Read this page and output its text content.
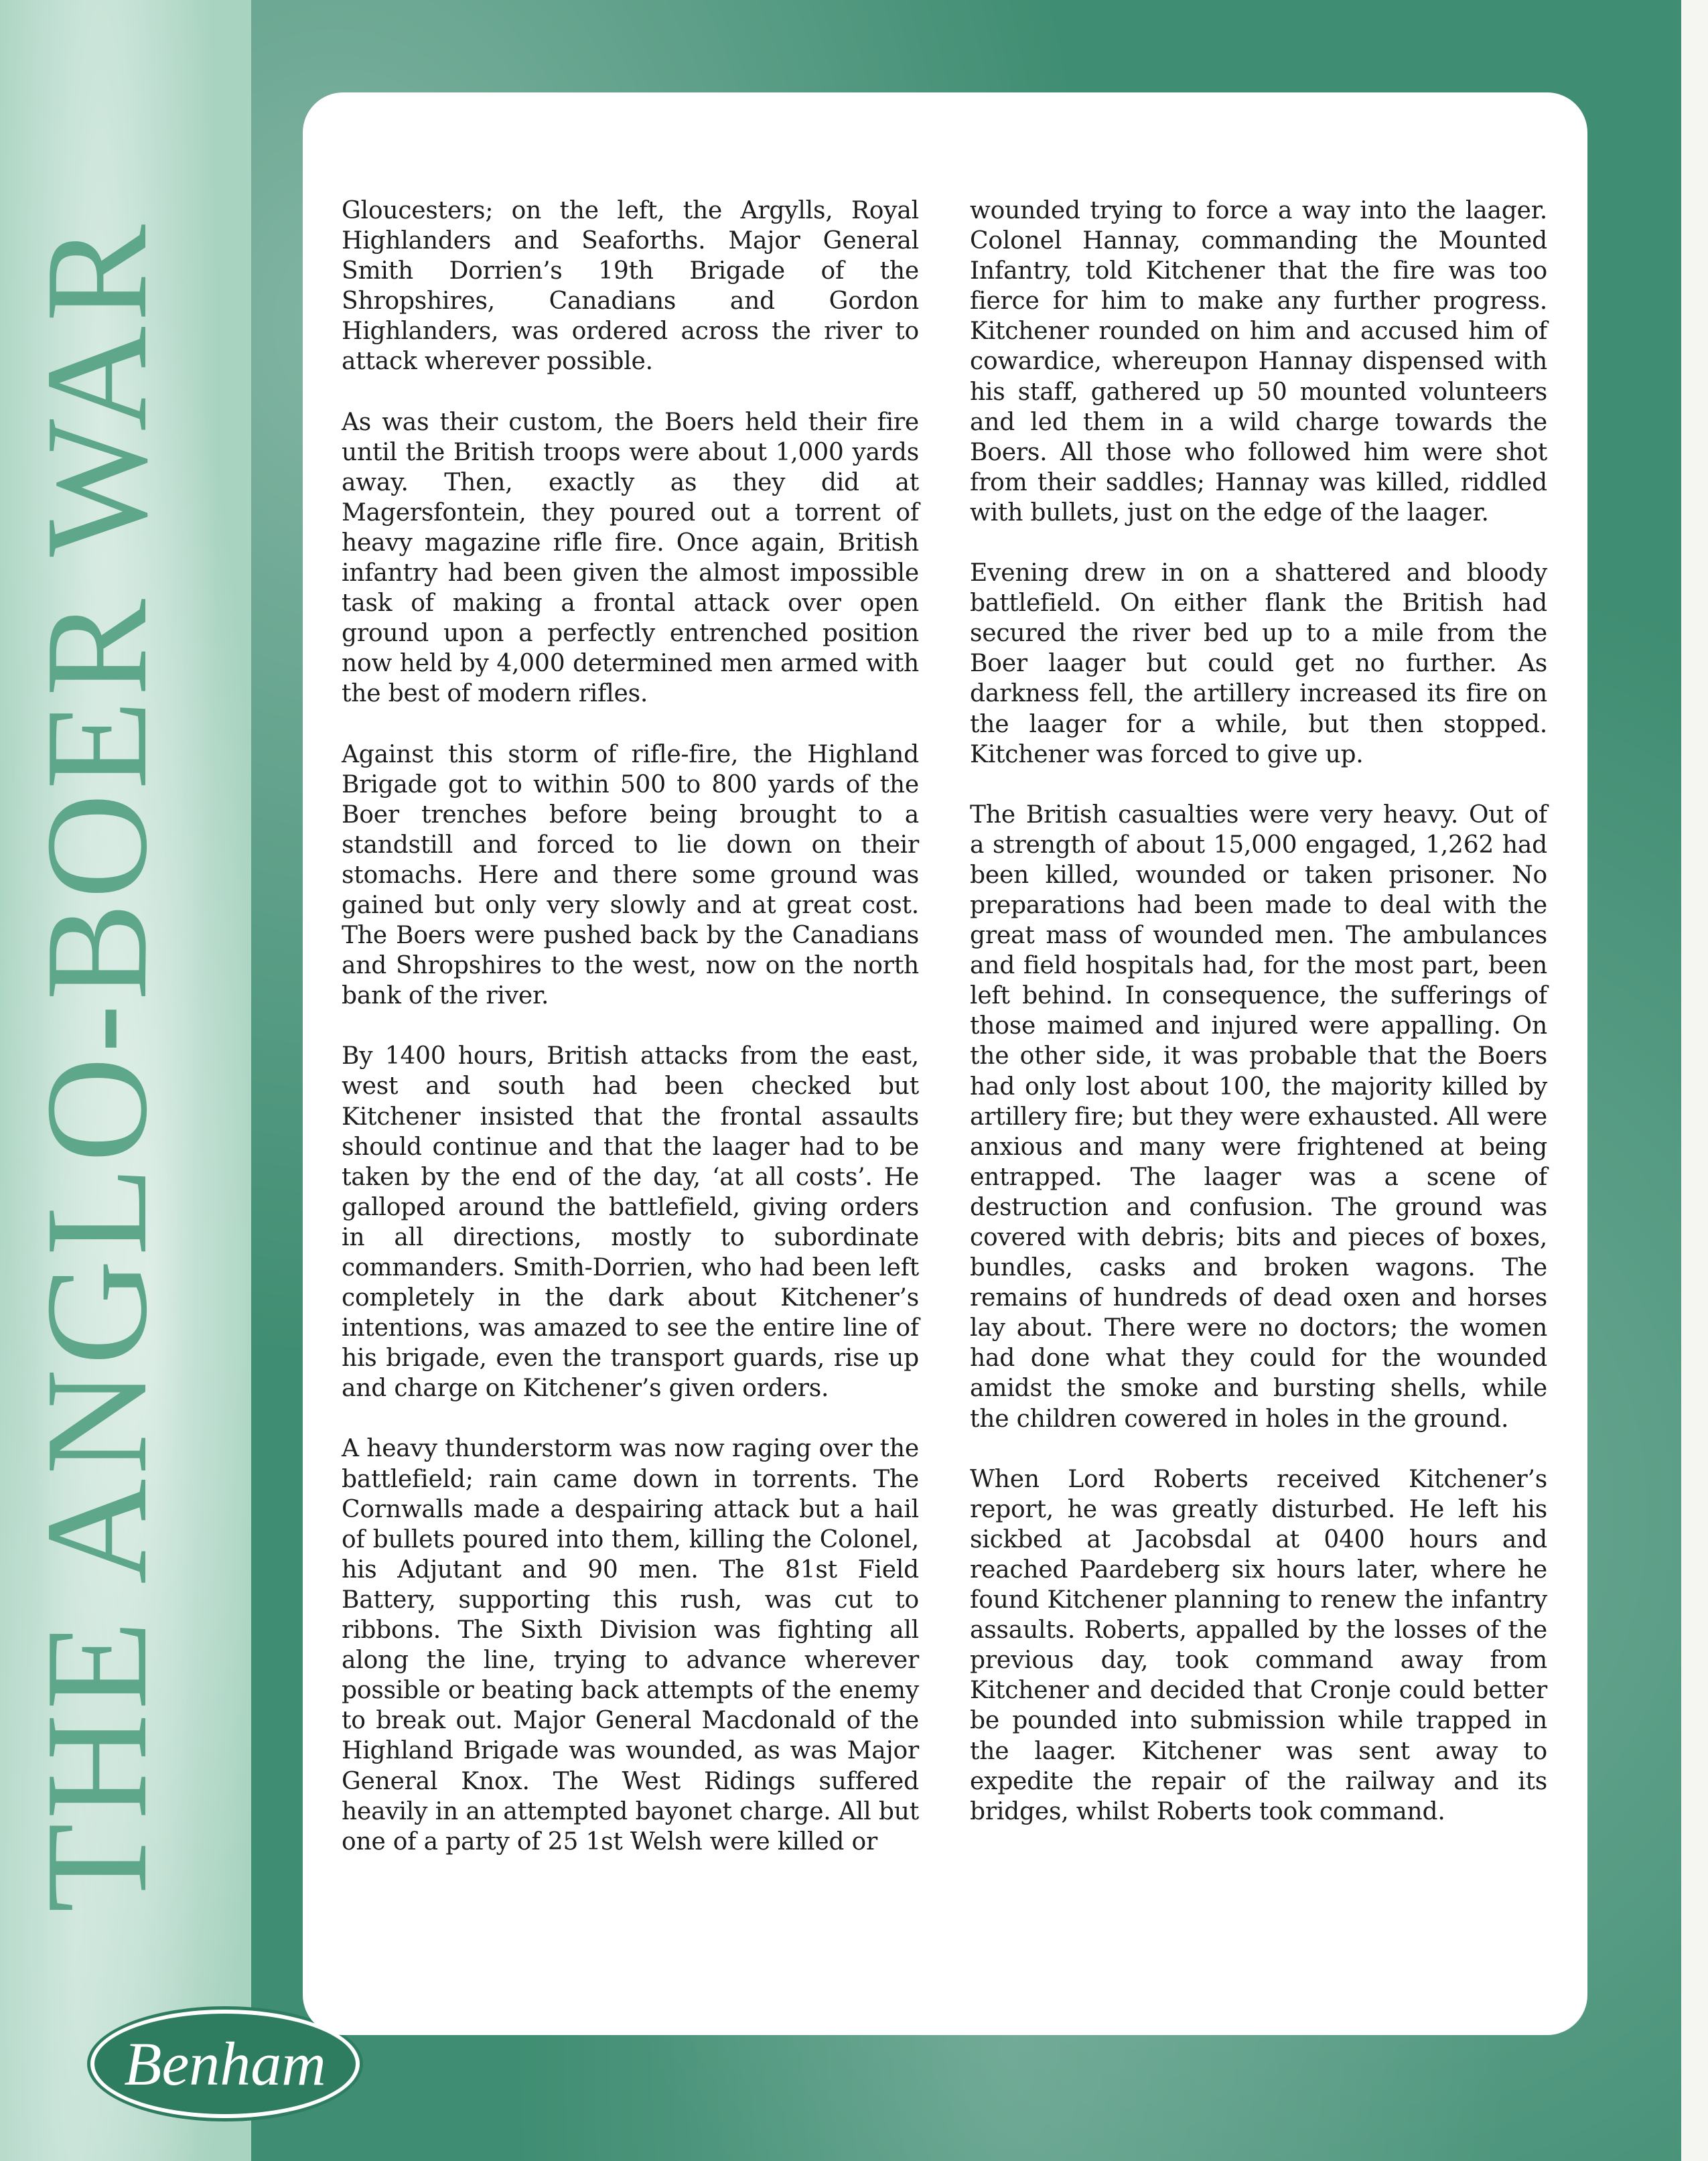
THE ANGLO-BOER WAR
Benham

Gloucesters; on the left, the Argylls, Royal Highlanders and Seaforths. Major General Smith Dorrien’s 19th Brigade of the Shropshires, Canadians and Gordon Highlanders, was ordered across the river to attack wherever possible.

As was their custom, the Boers held their fire until the British troops were about 1,000 yards away. Then, exactly as they did at Magersfontein, they poured out a torrent of heavy magazine rifle fire. Once again, British infantry had been given the almost impossible task of making a frontal attack over open ground upon a perfectly entrenched position now held by 4,000 determined men armed with the best of modern rifles.

Against this storm of rifle-fire, the Highland Brigade got to within 500 to 800 yards of the Boer trenches before being brought to a standstill and forced to lie down on their stomachs. Here and there some ground was gained but only very slowly and at great cost. The Boers were pushed back by the Canadians and Shropshires to the west, now on the north bank of the river.

By 1400 hours, British attacks from the east, west and south had been checked but Kitchener insisted that the frontal assaults should continue and that the laager had to be taken by the end of the day, ‘at all costs’. He galloped around the battlefield, giving orders in all directions, mostly to subordinate commanders. Smith-Dorrien, who had been left completely in the dark about Kitchener’s intentions, was amazed to see the entire line of his brigade, even the transport guards, rise up and charge on Kitchener’s given orders.

A heavy thunderstorm was now raging over the battlefield; rain came down in torrents. The Cornwalls made a despairing attack but a hail of bullets poured into them, killing the Colonel, his Adjutant and 90 men. The 81st Field Battery, supporting this rush, was cut to ribbons. The Sixth Division was fighting all along the line, trying to advance wherever possible or beating back attempts of the enemy to break out. Major General Macdonald of the Highland Brigade was wounded, as was Major General Knox. The West Ridings suffered heavily in an attempted bayonet charge. All but one of a party of 25 1st Welsh were killed or

wounded trying to force a way into the laager. Colonel Hannay, commanding the Mounted Infantry, told Kitchener that the fire was too fierce for him to make any further progress. Kitchener rounded on him and accused him of cowardice, whereupon Hannay dispensed with his staff, gathered up 50 mounted volunteers and led them in a wild charge towards the Boers. All those who followed him were shot from their saddles; Hannay was killed, riddled with bullets, just on the edge of the laager.

Evening drew in on a shattered and bloody battlefield. On either flank the British had secured the river bed up to a mile from the Boer laager but could get no further. As darkness fell, the artillery increased its fire on the laager for a while, but then stopped. Kitchener was forced to give up.

The British casualties were very heavy. Out of a strength of about 15,000 engaged, 1,262 had been killed, wounded or taken prisoner. No preparations had been made to deal with the great mass of wounded men. The ambulances and field hospitals had, for the most part, been left behind. In consequence, the sufferings of those maimed and injured were appalling. On the other side, it was probable that the Boers had only lost about 100, the majority killed by artillery fire; but they were exhausted. All were anxious and many were frightened at being entrapped. The laager was a scene of destruction and confusion. The ground was covered with debris; bits and pieces of boxes, bundles, casks and broken wagons. The remains of hundreds of dead oxen and horses lay about. There were no doctors; the women had done what they could for the wounded amidst the smoke and bursting shells, while the children cowered in holes in the ground.

When Lord Roberts received Kitchener’s report, he was greatly disturbed. He left his sickbed at Jacobsdal at 0400 hours and reached Paardeberg six hours later, where he found Kitchener planning to renew the infantry assaults. Roberts, appalled by the losses of the previous day, took command away from Kitchener and decided that Cronje could better be pounded into submission while trapped in the laager. Kitchener was sent away to expedite the repair of the railway and its bridges, whilst Roberts took command.
